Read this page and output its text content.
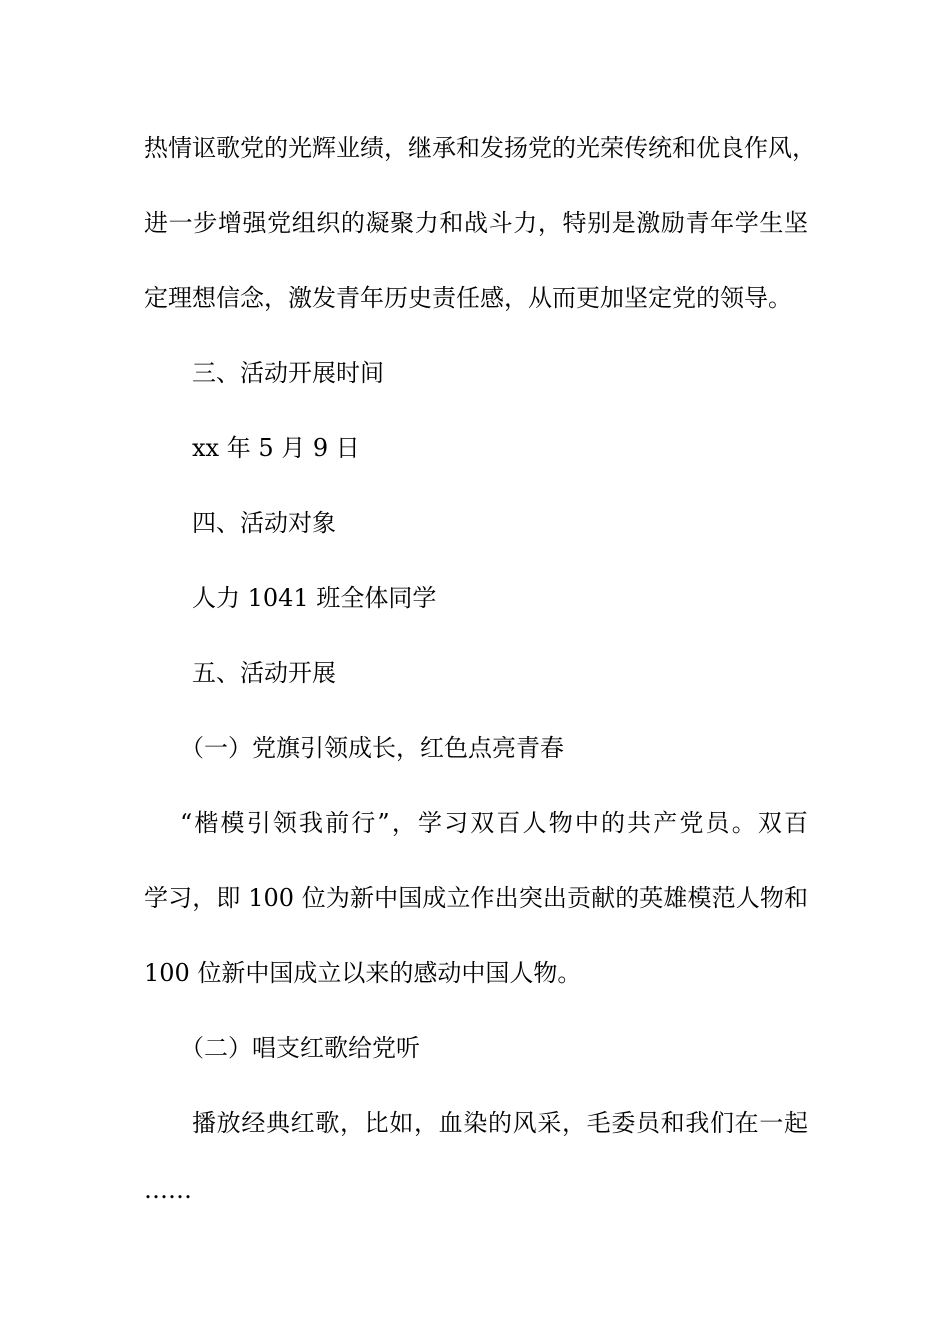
热情讴歌党的光辉业绩，继承和发扬党的光荣传统和优良作风，
进一步增强党组织的凝聚力和战斗力，特别是激励青年学生坚
定理想信念，激发青年历史责任感，从而更加坚定党的领导。
三、活动开展时间
xx 年 5 月 9 日
四、活动对象
人力 1041 班全体同学
五、活动开展
（一）党旗引领成长，红色点亮青春
“楷模引领我前行”，学习双百人物中的共产党员。双百
学习，即 100 位为新中国成立作出突出贡献的英雄模范人物和
100 位新中国成立以来的感动中国人物。
（二）唱支红歌给党听
播放经典红歌，比如，血染的风采，毛委员和我们在一起
……
